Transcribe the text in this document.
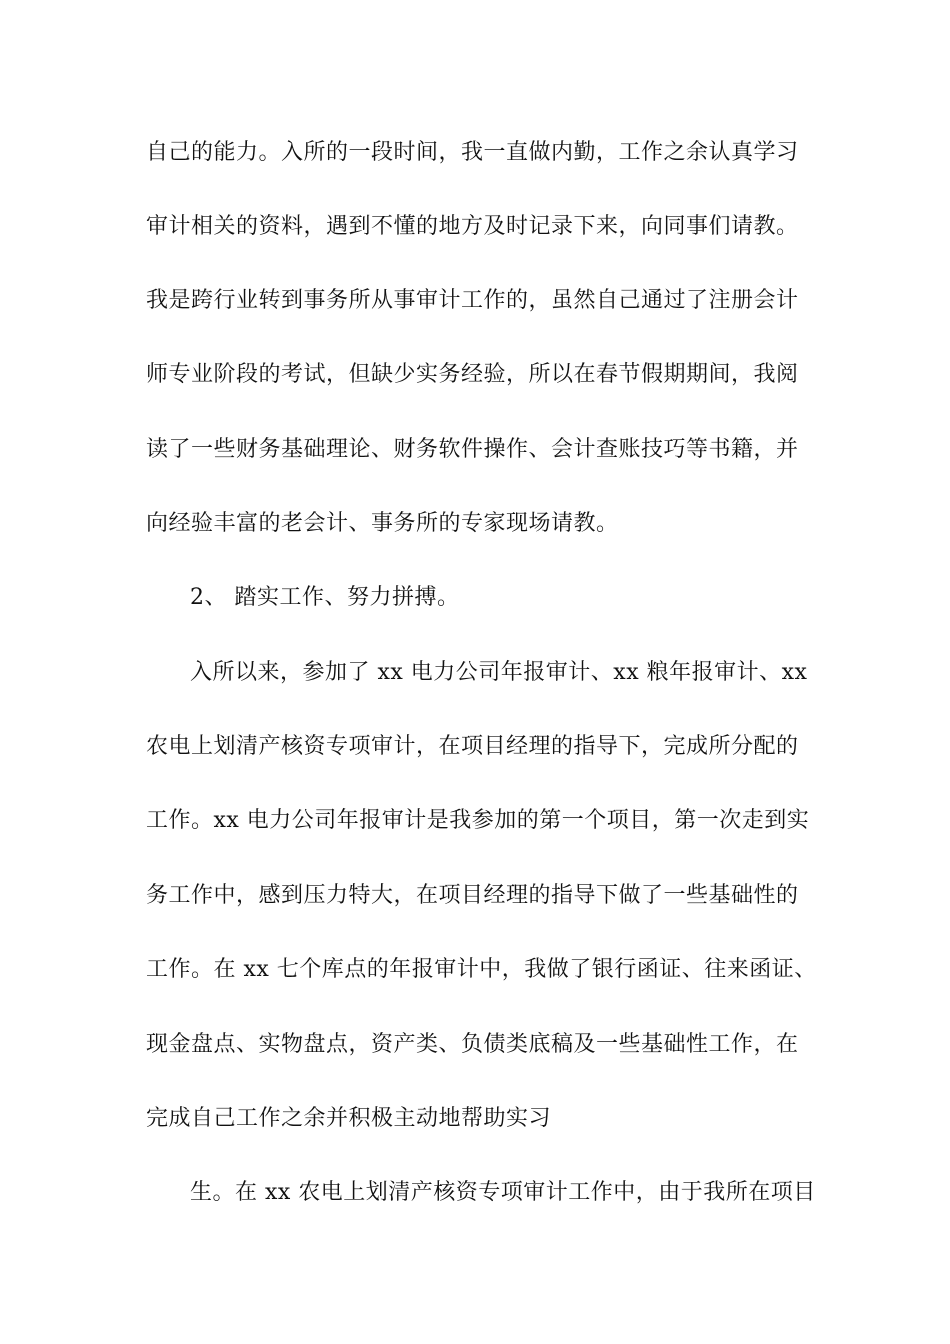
自己的能力。入所的一段时间，我一直做内勤，工作之余认真学习
审计相关的资料，遇到不懂的地方及时记录下来，向同事们请教。
我是跨行业转到事务所从事审计工作的，虽然自己通过了注册会计
师专业阶段的考试，但缺少实务经验，所以在春节假期期间，我阅
读了一些财务基础理论、财务软件操作、会计查账技巧等书籍，并
向经验丰富的老会计、事务所的专家现场请教。
2、 踏实工作、努力拼搏。
入所以来，参加了 xx 电力公司年报审计、xx 粮年报审计、xx
农电上划清产核资专项审计，在项目经理的指导下，完成所分配的
工作。xx 电力公司年报审计是我参加的第一个项目，第一次走到实
务工作中，感到压力特大，在项目经理的指导下做了一些基础性的
工作。在 xx 七个库点的年报审计中，我做了银行函证、往来函证、
现金盘点、实物盘点，资产类、负债类底稿及一些基础性工作，在
完成自己工作之余并积极主动地帮助实习
生。在 xx 农电上划清产核资专项审计工作中，由于我所在项目
